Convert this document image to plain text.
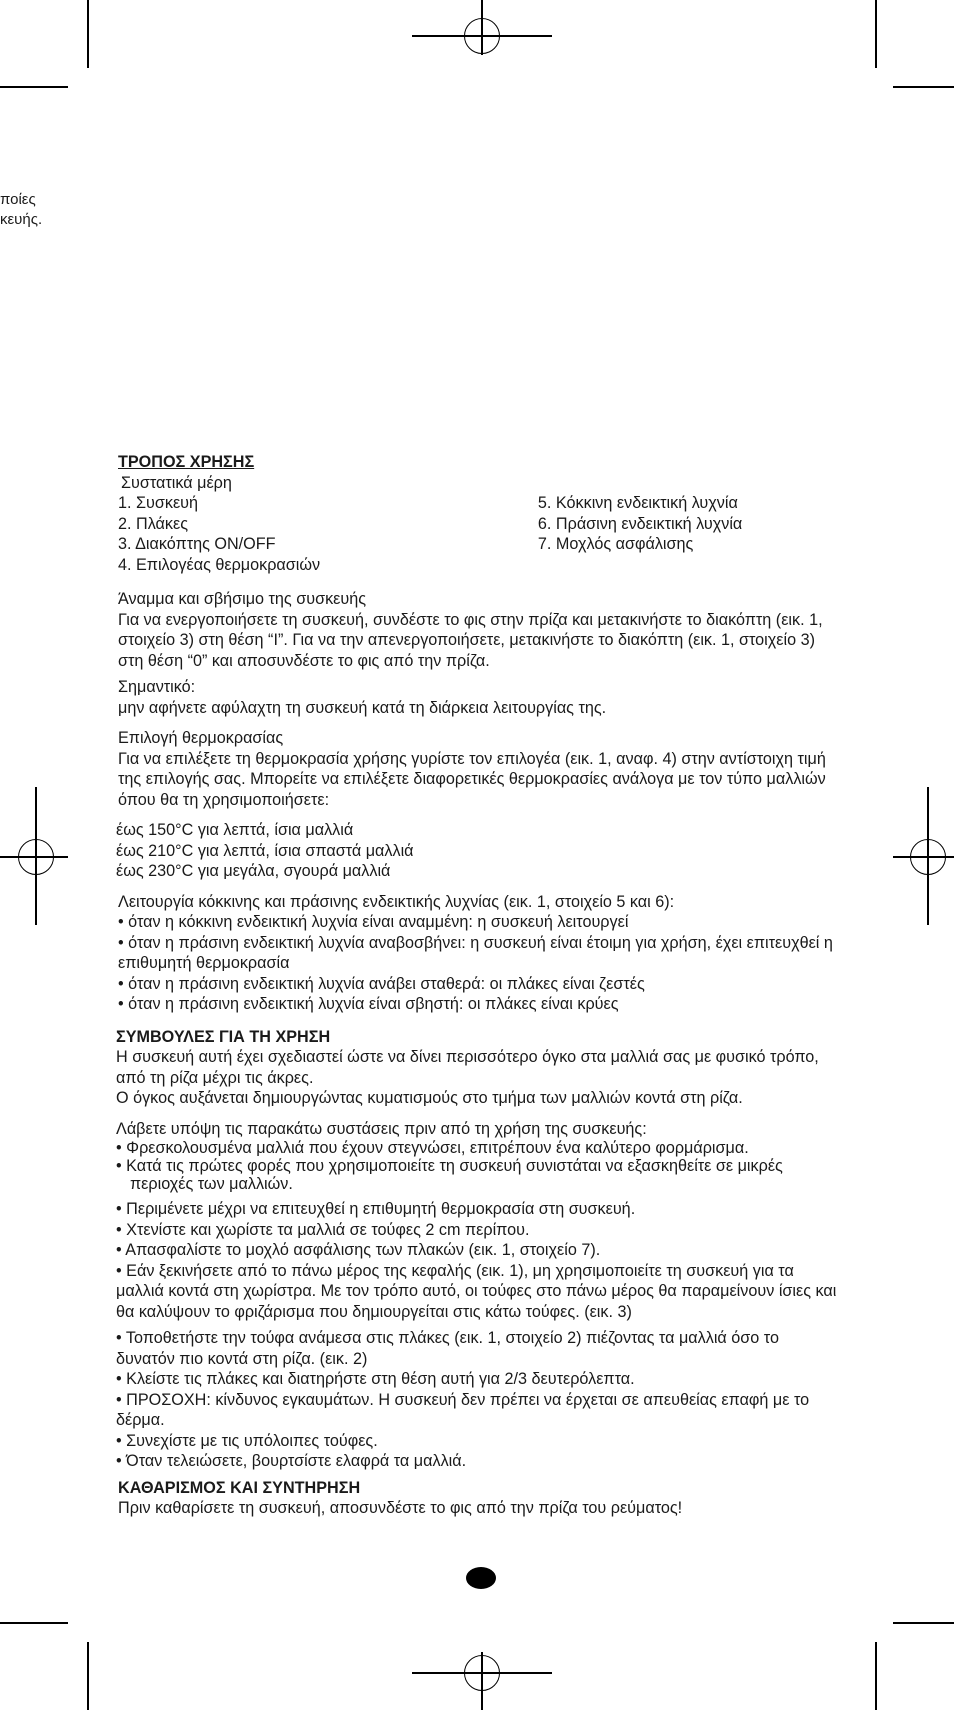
ποίες
κευής.

ΤΡΟΠΟΣ ΧΡΗΣΗΣ

Συστατικά μέρη

1. Συσκευή

2. Πλάκες

3. Διακόπτης ON/OFF

4. Επιλογέας θερμοκρασιών

5. Κόκκινη ενδεικτική λυχνία

6. Πράσινη ενδεικτική λυχνία

7. Μοχλός ασφάλισης

Άναμμα και σβήσιμο της συσκευής

Για να ενεργοποιήσετε τη συσκευή, συνδέστε το φις στην πρίζα και μετακινήστε το διακόπτη (εικ. 1, στοιχείο 3) στη θέση “I”. Για να την απενεργοποιήσετε, μετακινήστε το διακόπτη (εικ. 1, στοιχείο 3) στη θέση “0” και αποσυνδέστε το φις από την πρίζα.

Σημαντικό:

μην αφήνετε αφύλαχτη τη συσκευή κατά τη διάρκεια λειτουργίας της.

Επιλογή θερμοκρασίας

Για να επιλέξετε τη θερμοκρασία χρήσης γυρίστε τον επιλογέα (εικ. 1, αναφ. 4) στην αντίστοιχη τιμή της επιλογής σας. Μπορείτε να επιλέξετε διαφορετικές θερμοκρασίες ανάλογα με τον τύπο μαλλιών όπου θα τη χρησιμοποιήσετε:

έως 150°C για λεπτά, ίσια μαλλιά

έως 210°C για λεπτά, ίσια σπαστά μαλλιά

έως 230°C για μεγάλα, σγουρά μαλλιά

Λειτουργία κόκκινης και πράσινης ενδεικτικής λυχνίας (εικ. 1, στοιχείο 5 και 6):

• όταν η κόκκινη ενδεικτική λυχνία είναι αναμμένη: η συσκευή λειτουργεί

• όταν η πράσινη ενδεικτική λυχνία αναβοσβήνει: η συσκευή είναι έτοιμη για χρήση, έχει επιτευχθεί η επιθυμητή θερμοκρασία

• όταν η πράσινη ενδεικτική λυχνία ανάβει σταθερά: οι πλάκες είναι ζεστές

• όταν η πράσινη ενδεικτική λυχνία είναι σβηστή: οι πλάκες είναι κρύες

ΣΥΜΒΟΥΛΕΣ ΓΙΑ ΤΗ ΧΡΗΣΗ

Η συσκευή αυτή έχει σχεδιαστεί ώστε να δίνει περισσότερο όγκο στα μαλλιά σας με φυσικό τρόπο, από τη ρίζα μέχρι τις άκρες.

Ο όγκος αυξάνεται δημιουργώντας κυματισμούς στο τμήμα των μαλλιών κοντά στη ρίζα.

Λάβετε υπόψη τις παρακάτω συστάσεις πριν από τη χρήση της συσκευής:

• Φρεσκολουσμένα μαλλιά που έχουν στεγνώσει, επιτρέπουν ένα καλύτερο φορμάρισμα.

• Κατά τις πρώτες φορές που χρησιμοποιείτε τη συσκευή συνιστάται να εξασκηθείτε σε μικρές περιοχές των μαλλιών.

• Περιμένετε μέχρι να επιτευχθεί η επιθυμητή θερμοκρασία στη συσκευή.

• Χτενίστε και χωρίστε τα μαλλιά σε τούφες 2 cm περίπου.

• Απασφαλίστε το μοχλό ασφάλισης των πλακών (εικ. 1, στοιχείο 7).

• Εάν ξεκινήσετε από το πάνω μέρος της κεφαλής (εικ. 1), μη χρησιμοποιείτε τη συσκευή για τα μαλλιά κοντά στη χωρίστρα. Με τον τρόπο αυτό, οι τούφες στο πάνω μέρος θα παραμείνουν ίσιες και θα καλύψουν το φριζάρισμα που δημιουργείται στις κάτω τούφες. (εικ. 3)

• Τοποθετήστε την τούφα ανάμεσα στις πλάκες (εικ. 1, στοιχείο 2) πιέζοντας τα μαλλιά όσο το δυνατόν πιο κοντά στη ρίζα. (εικ. 2)

• Κλείστε τις πλάκες και διατηρήστε στη θέση αυτή για 2/3 δευτερόλεπτα.

• ΠΡΟΣΟΧΗ: κίνδυνος εγκαυμάτων. Η συσκευή δεν πρέπει να έρχεται σε απευθείας επαφή με το δέρμα.

• Συνεχίστε με τις υπόλοιπες τούφες.

• Όταν τελειώσετε, βουρτσίστε ελαφρά τα μαλλιά.

ΚΑΘΑΡΙΣΜΟΣ ΚΑΙ ΣΥΝΤΗΡΗΣΗ

Πριν καθαρίσετε τη συσκευή, αποσυνδέστε το φις από την πρίζα του ρεύματος!
